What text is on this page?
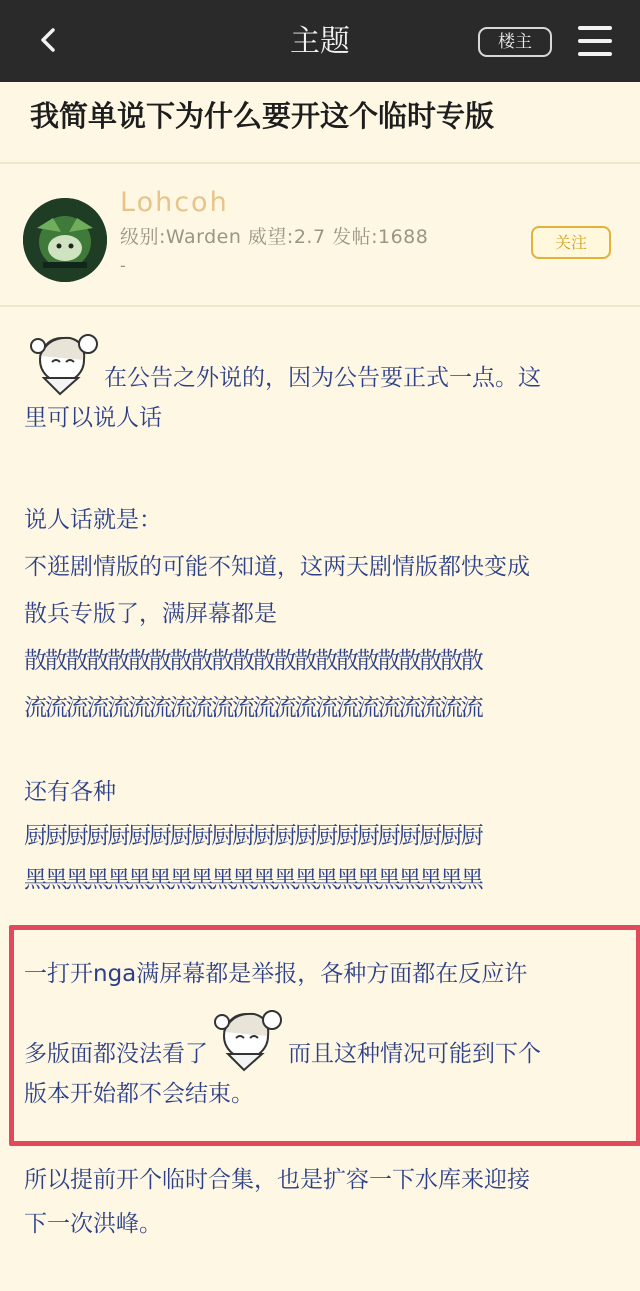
主题	楼主
我简单说下为什么要开这个临时专版
Lohcoh
级别:Warden 威望:2.7 发帖:1688
-
关注
在公告之外说的，因为公告要正式一点。这
里可以说人话
说人话就是：
不逛剧情版的可能不知道，这两天剧情版都快变成
散兵专版了，满屏幕都是
散散散散散散散散散散散散散散散散散散散散散散
流流流流流流流流流流流流流流流流流流流流流流
还有各种
厨厨厨厨厨厨厨厨厨厨厨厨厨厨厨厨厨厨厨厨厨厨
黑黑黑黑黑黑黑黑黑黑黑黑黑黑黑黑黑黑黑黑黑黑
一打开nga满屏幕都是举报，各种方面都在反应许
多版面都没法看了	而且这种情况可能到下个
版本开始都不会结束。
所以提前开个临时合集，也是扩容一下水库来迎接
下一次洪峰。
